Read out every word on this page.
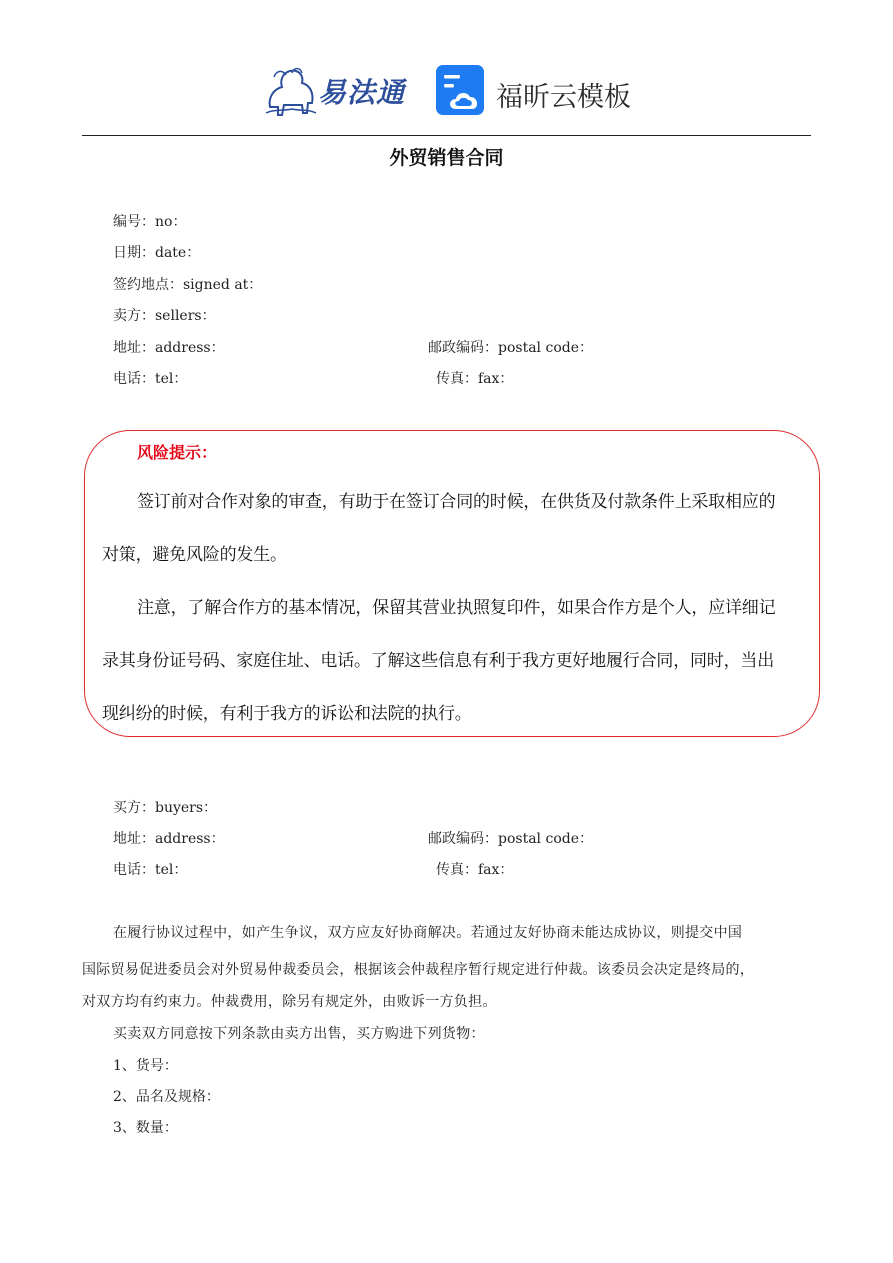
易法通	福昕云模板
外贸销售合同
编号：no：
日期：date：
签约地点：signed at：
卖方：sellers：
地址：address：	邮政编码：postal code：
电话：tel：	传真：fax：
风险提示：
签订前对合作对象的审查，有助于在签订合同的时候，在供货及付款条件上采取相应的
对策，避免风险的发生。
注意，了解合作方的基本情况，保留其营业执照复印件，如果合作方是个人，应详细记
录其身份证号码、家庭住址、电话。了解这些信息有利于我方更好地履行合同，同时，当出
现纠纷的时候，有利于我方的诉讼和法院的执行。
买方：buyers：
地址：address：	邮政编码：postal code：
电话：tel：	传真：fax：
在履行协议过程中，如产生争议，双方应友好协商解决。若通过友好协商未能达成协议，则提交中国
国际贸易促进委员会对外贸易仲裁委员会，根据该会仲裁程序暂行规定进行仲裁。该委员会决定是终局的，
对双方均有约束力。仲裁费用，除另有规定外，由败诉一方负担。
买卖双方同意按下列条款由卖方出售，买方购进下列货物：
1、货号：
2、品名及规格：
3、数量：
